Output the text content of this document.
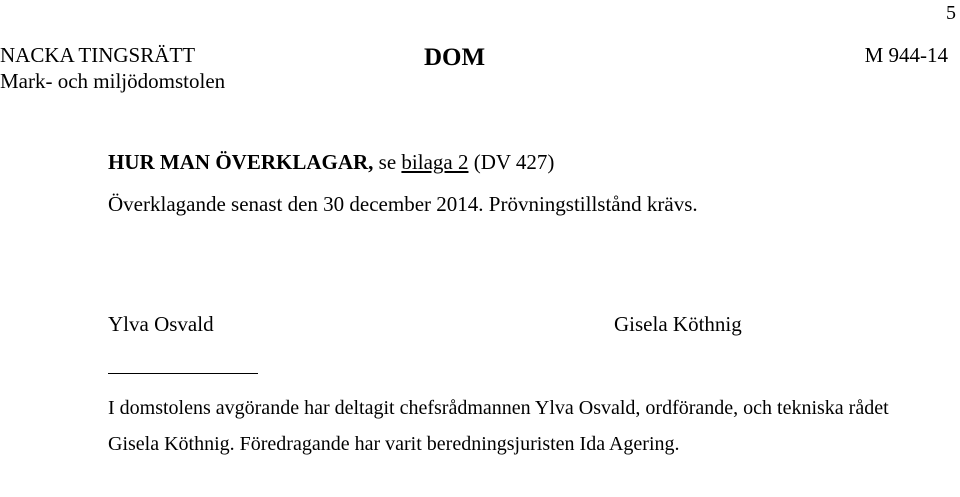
5
NACKA TINGSRÄTT
Mark- och miljödomstolen
DOM	M 944-14
HUR MAN ÖVERKLAGAR, se bilaga 2 (DV 427)
Överklagande senast den 30 december 2014. Prövningstillstånd krävs.
Ylva Osvald	Gisela Köthnig
I domstolens avgörande har deltagit chefsrådmannen Ylva Osvald, ordförande, och tekniska rådet Gisela Köthnig. Föredragande har varit beredningsjuristen Ida Agering.
